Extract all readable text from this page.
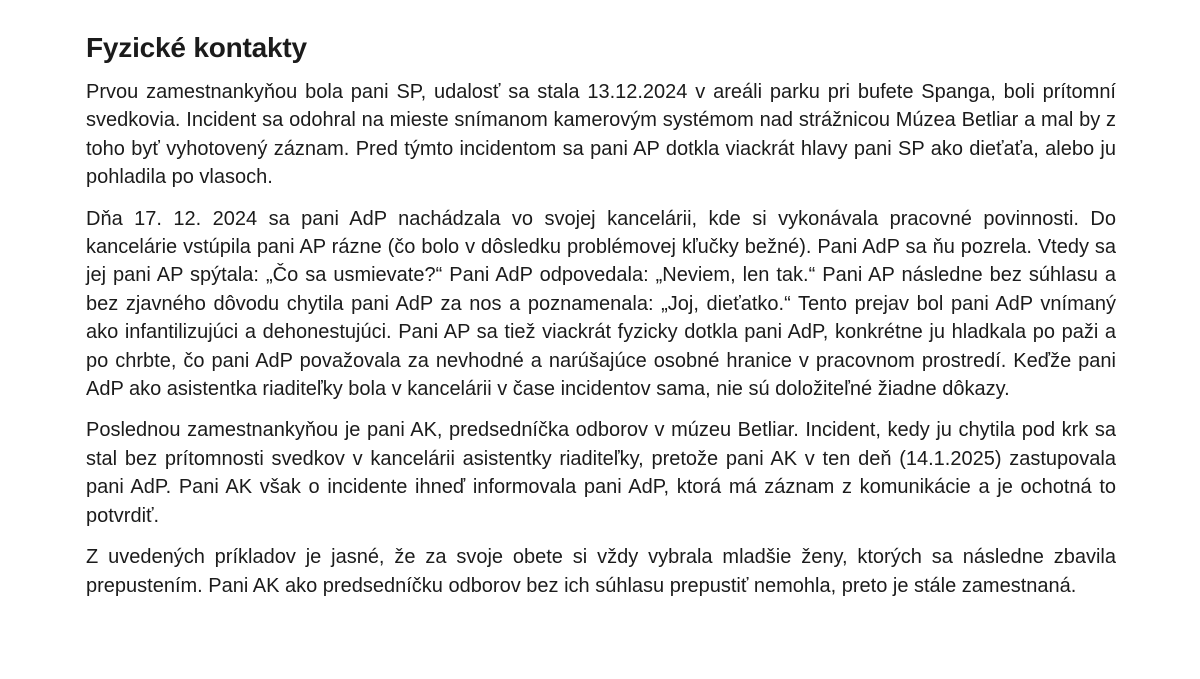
Fyzické kontakty

Prvou zamestnankyňou bola pani SP, udalosť sa stala 13.12.2024 v areáli parku pri bufete Spanga, boli prítomní svedkovia. Incident sa odohral na mieste snímanom kamerovým systémom nad strážnicou Múzea Betliar a mal by z toho byť vyhotovený záznam. Pred týmto incidentom sa pani AP dotkla viackrát hlavy pani SP ako dieťaťa, alebo ju pohladila po vlasoch.

Dňa 17. 12. 2024 sa pani AdP nachádzala vo svojej kancelárii, kde si vykonávala pracovné povinnosti. Do kancelárie vstúpila pani AP rázne (čo bolo v dôsledku problémovej kľučky bežné). Pani AdP sa ňu pozrela. Vtedy sa jej pani AP spýtala: „Čo sa usmievate?“ Pani AdP odpovedala: „Neviem, len tak.“ Pani AP následne bez súhlasu a bez zjavného dôvodu chytila pani AdP za nos a poznamenala: „Joj, dieťatko.“ Tento prejav bol pani AdP vnímaný ako infantilizujúci a dehonestujúci. Pani AP sa tiež viackrát fyzicky dotkla pani AdP, konkrétne ju hladkala po paži a po chrbte, čo pani AdP považovala za nevhodné a narúšajúce osobné hranice v pracovnom prostredí. Keďže pani AdP ako asistentka riaditeľky bola v kancelárii v čase incidentov sama, nie sú doložiteľné žiadne dôkazy.

Poslednou zamestnankyňou je pani AK, predsedníčka odborov v múzeu Betliar. Incident, kedy ju chytila pod krk sa stal bez prítomnosti svedkov v kancelárii asistentky riaditeľky, pretože pani AK v ten deň (14.1.2025) zastupovala pani AdP. Pani AK však o incidente ihneď informovala pani AdP, ktorá má záznam z komunikácie a je ochotná to potvrdiť.

Z uvedených príkladov je jasné, že za svoje obete si vždy vybrala mladšie ženy, ktorých sa následne zbavila prepustením. Pani AK ako predsedníčku odborov bez ich súhlasu prepustiť nemohla, preto je stále zamestnaná.
